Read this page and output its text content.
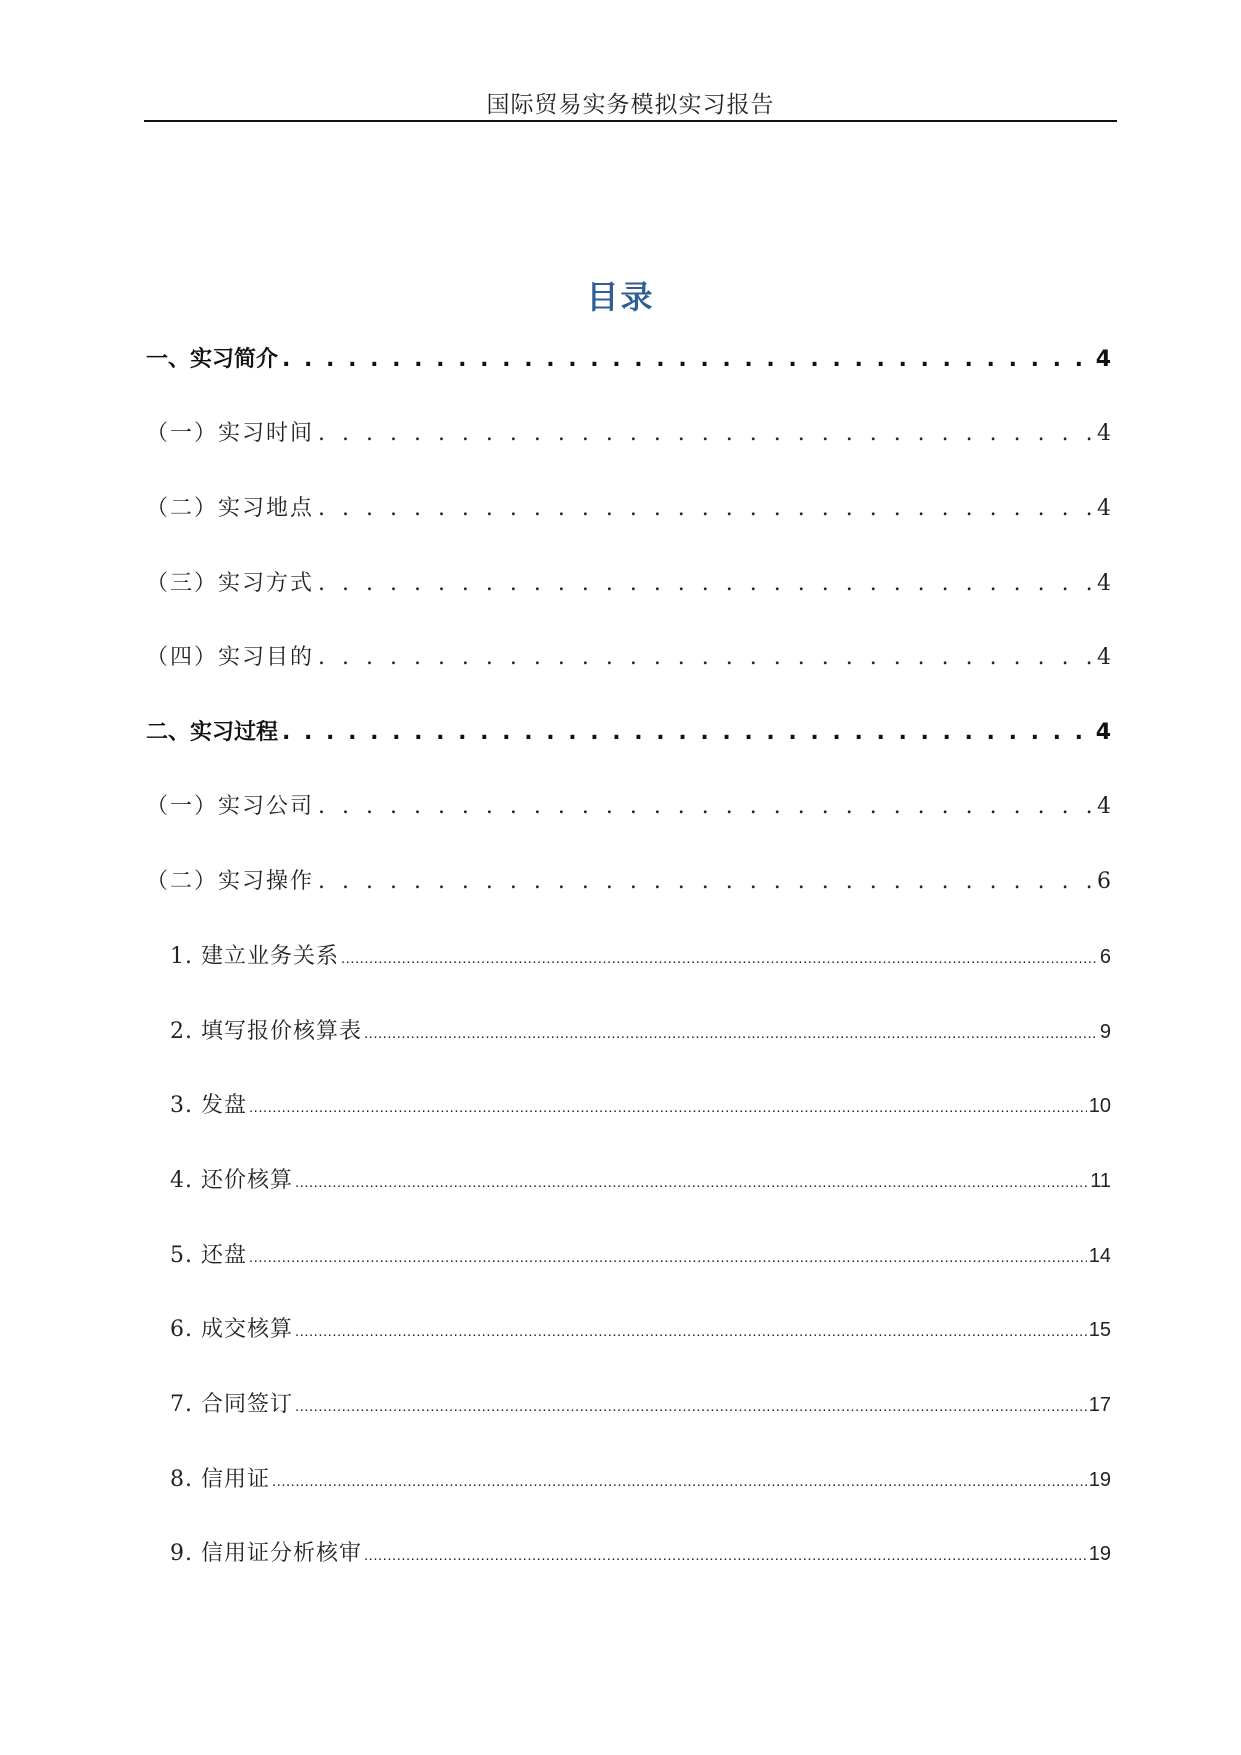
国际贸易实务模拟实习报告
目录
一、实习简介 . . .	4
（一）实习时间 . . .	4
（二）实习地点 . . .	4
（三）实习方式 . . .	4
（四）实习目的 . . .	4
二、实习过程 . . .	4
（一）实习公司 . . .	4
（二）实习操作 . . .	6
1. 建立业务关系 .....	6
2. 填写报价核算表 .....	9
3. 发盘 .....	10
4. 还价核算 .....	11
5. 还盘 .....	14
6. 成交核算 .....	15
7. 合同签订 .....	17
8. 信用证 .....	19
9. 信用证分析核审 .....	19
